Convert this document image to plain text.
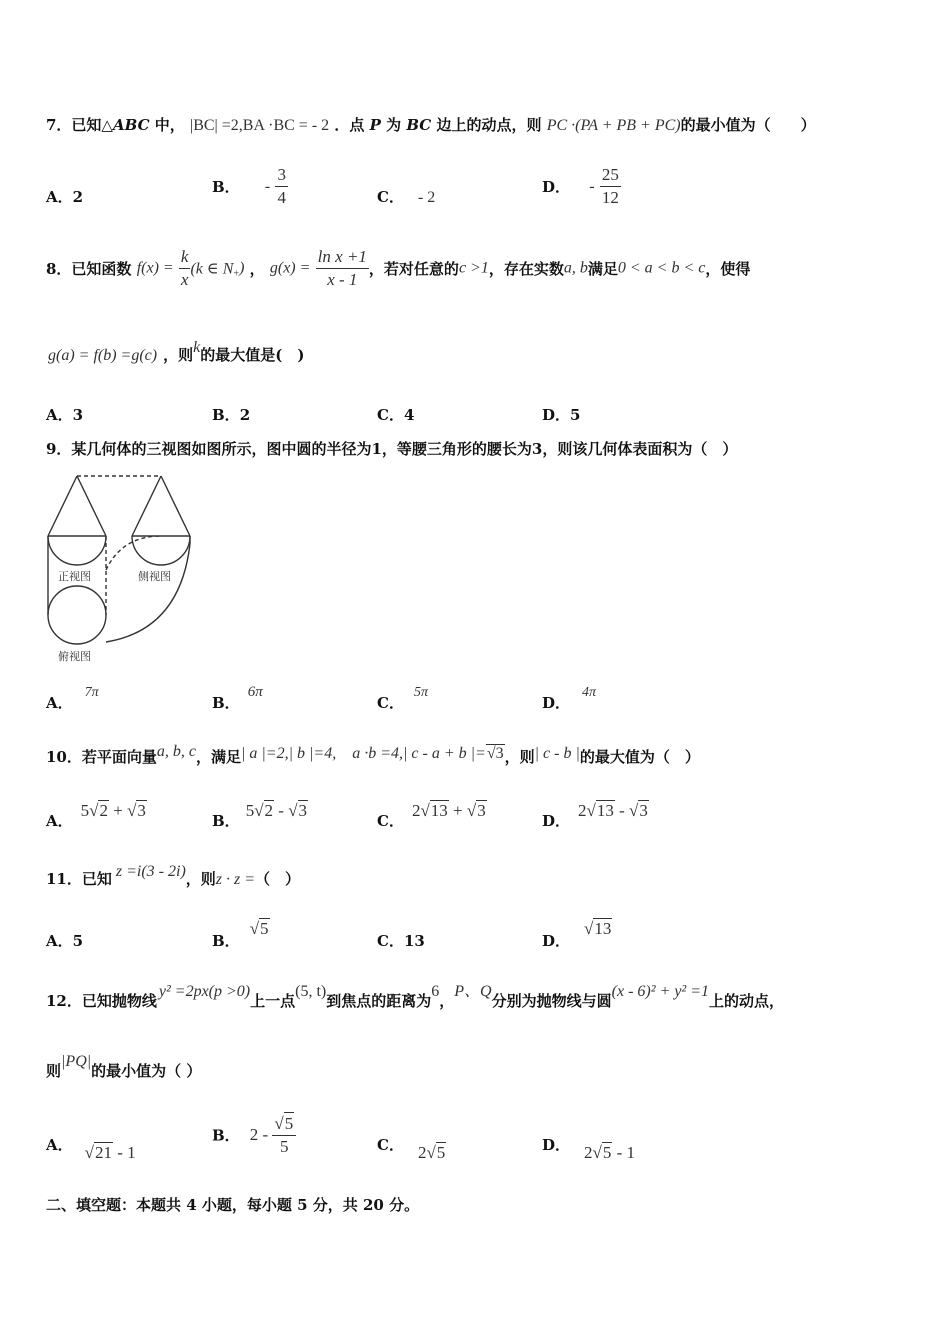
7．已知△ABC 中， |BC| =2,BA ·BC = - 2 ．点 P 为 BC 边上的动点，则 PC ·(PA + PB + PC)的最小值为（　　）
A．2
B． - $\frac{3}{4}$	C． - 2
D． - $\frac{25}{12}$
8．已知函数 $f(x) = \frac{k}{x} (k$ ∈ $N_+$) ， $g(x) = \frac{\text{ln x +1}}{x - 1}$ ，若对任意的c >1，存在实数a, b满足0 < a < b < c，使得
g(a) = f(b) =g(c) ，则k的最大值是(　)
A．3	B．2	C．4	D．5
9．某几何体的三视图如图所示，图中圆的半径为1，等腰三角形的腰长为3，则该几何体表面积为（　）
正视图	侧视图
俯视图
A．7π
B．6π
C．5π
D．4π
10．若平面向量a, b, c，满足| a |=2,| b |=4,　a ·b =4,| c - a + b |=√3，则| c - b |的最大值为（　）
A．5√2 + √3
B．5√2 - √3
C．2√13 + √3
D．2√13 - √3
11．已知 z =i(3 - 2i)，则z · z =（　）
A．5	B．√5
C．13	D．√13
12．已知抛物线y² =2px(p >0)上一点(5, t)到焦点的距离为6，P、Q分别为抛物线与圆(x - 6)² + y² =1上的动点，
则|PQ|的最小值为（ ）
A． √21 - 1
B． $2 - \frac{√5}{5}$	C． 2√5	D． 2√5 - 1
二、填空题：本题共 4 小题，每小题 5 分，共 20 分。
